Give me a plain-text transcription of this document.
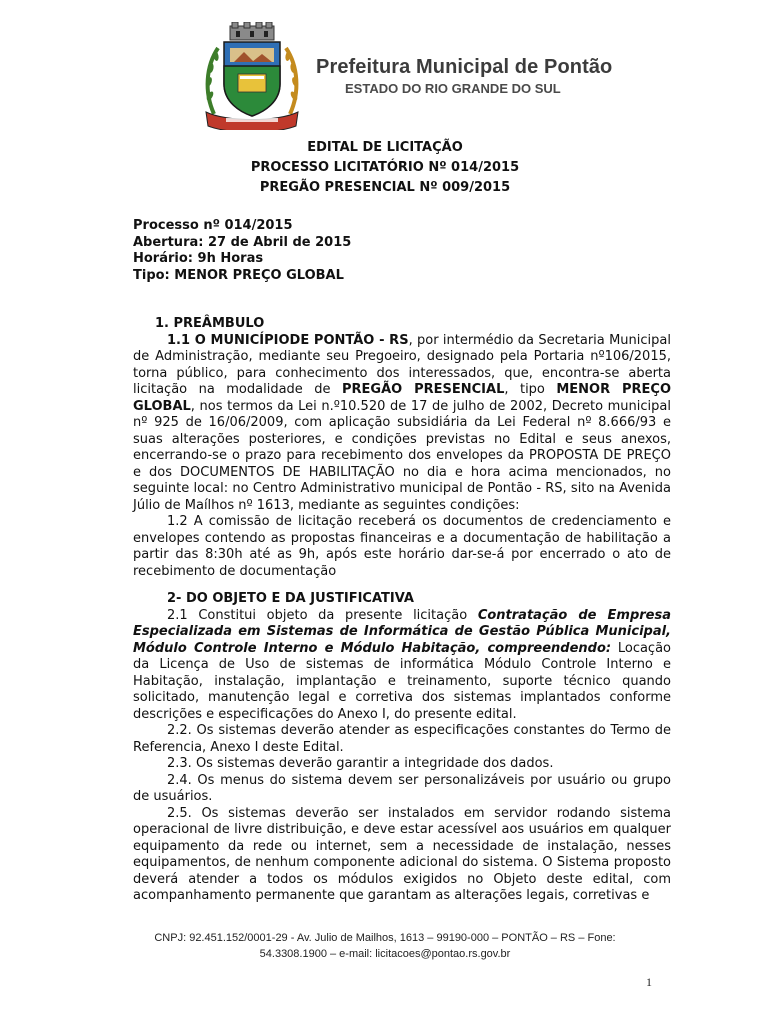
Prefeitura Municipal de Pontão
ESTADO DO RIO GRANDE DO SUL
EDITAL DE LICITAÇÃO
PROCESSO LICITATÓRIO Nº 014/2015
PREGÃO PRESENCIAL Nº 009/2015
Processo nº 014/2015
Abertura: 27 de Abril de 2015
Horário: 9h Horas
Tipo: MENOR PREÇO GLOBAL
1. PREÂMBULO

1.1 O MUNICÍPIODE PONTÃO - RS, por intermédio da Secretaria Municipal de Administração, mediante seu Pregoeiro, designado pela Portaria nº106/2015, torna público, para conhecimento dos interessados, que, encontra-se aberta licitação na modalidade de PREGÃO PRESENCIAL, tipo MENOR PREÇO GLOBAL, nos termos da Lei n.º10.520 de 17 de julho de 2002, Decreto municipal nº 925 de 16/06/2009, com aplicação subsidiária da Lei Federal nº 8.666/93 e suas alterações posteriores, e condições previstas no Edital e seus anexos, encerrando-se o prazo para recebimento dos envelopes da PROPOSTA DE PREÇO e dos DOCUMENTOS DE HABILITAÇÃO no dia e hora acima mencionados, no seguinte local: no Centro Administrativo municipal de Pontão - RS, sito na Avenida Júlio de Maílhos nº 1613, mediante as seguintes condições:

1.2 A comissão de licitação receberá os documentos de credenciamento e envelopes contendo as propostas financeiras e a documentação de habilitação a partir das 8:30h até as 9h, após este horário dar-se-á por encerrado o ato de recebimento de documentação

2- DO OBJETO E DA JUSTIFICATIVA

2.1 Constitui objeto da presente licitação Contratação de Empresa Especializada em Sistemas de Informática de Gestão Pública Municipal, Módulo Controle Interno e Módulo Habitação, compreendendo: Locação da Licença de Uso de sistemas de informática Módulo Controle Interno e Habitação, instalação, implantação e treinamento, suporte técnico quando solicitado, manutenção legal e corretiva dos sistemas implantados conforme descrições e especificações do Anexo I, do presente edital.

2.2. Os sistemas deverão atender as especificações constantes do Termo de Referencia, Anexo I deste Edital.

2.3. Os sistemas deverão garantir a integridade dos dados.

2.4. Os menus do sistema devem ser personalizáveis por usuário ou grupo de usuários.

2.5. Os sistemas deverão ser instalados em servidor rodando sistema operacional de livre distribuição, e deve estar acessível aos usuários em qualquer equipamento da rede ou internet, sem a necessidade de instalação, nesses equipamentos, de nenhum componente adicional do sistema. O Sistema proposto deverá atender a todos os módulos exigidos no Objeto deste edital, com acompanhamento permanente que garantam as alterações legais, corretivas e

CNPJ: 92.451.152/0001-29 - Av. Julio de Mailhos, 1613 – 99190-000 – PONTÃO – RS – Fone:
54.3308.1900 – e-mail: licitacoes@pontao.rs.gov.br
1
